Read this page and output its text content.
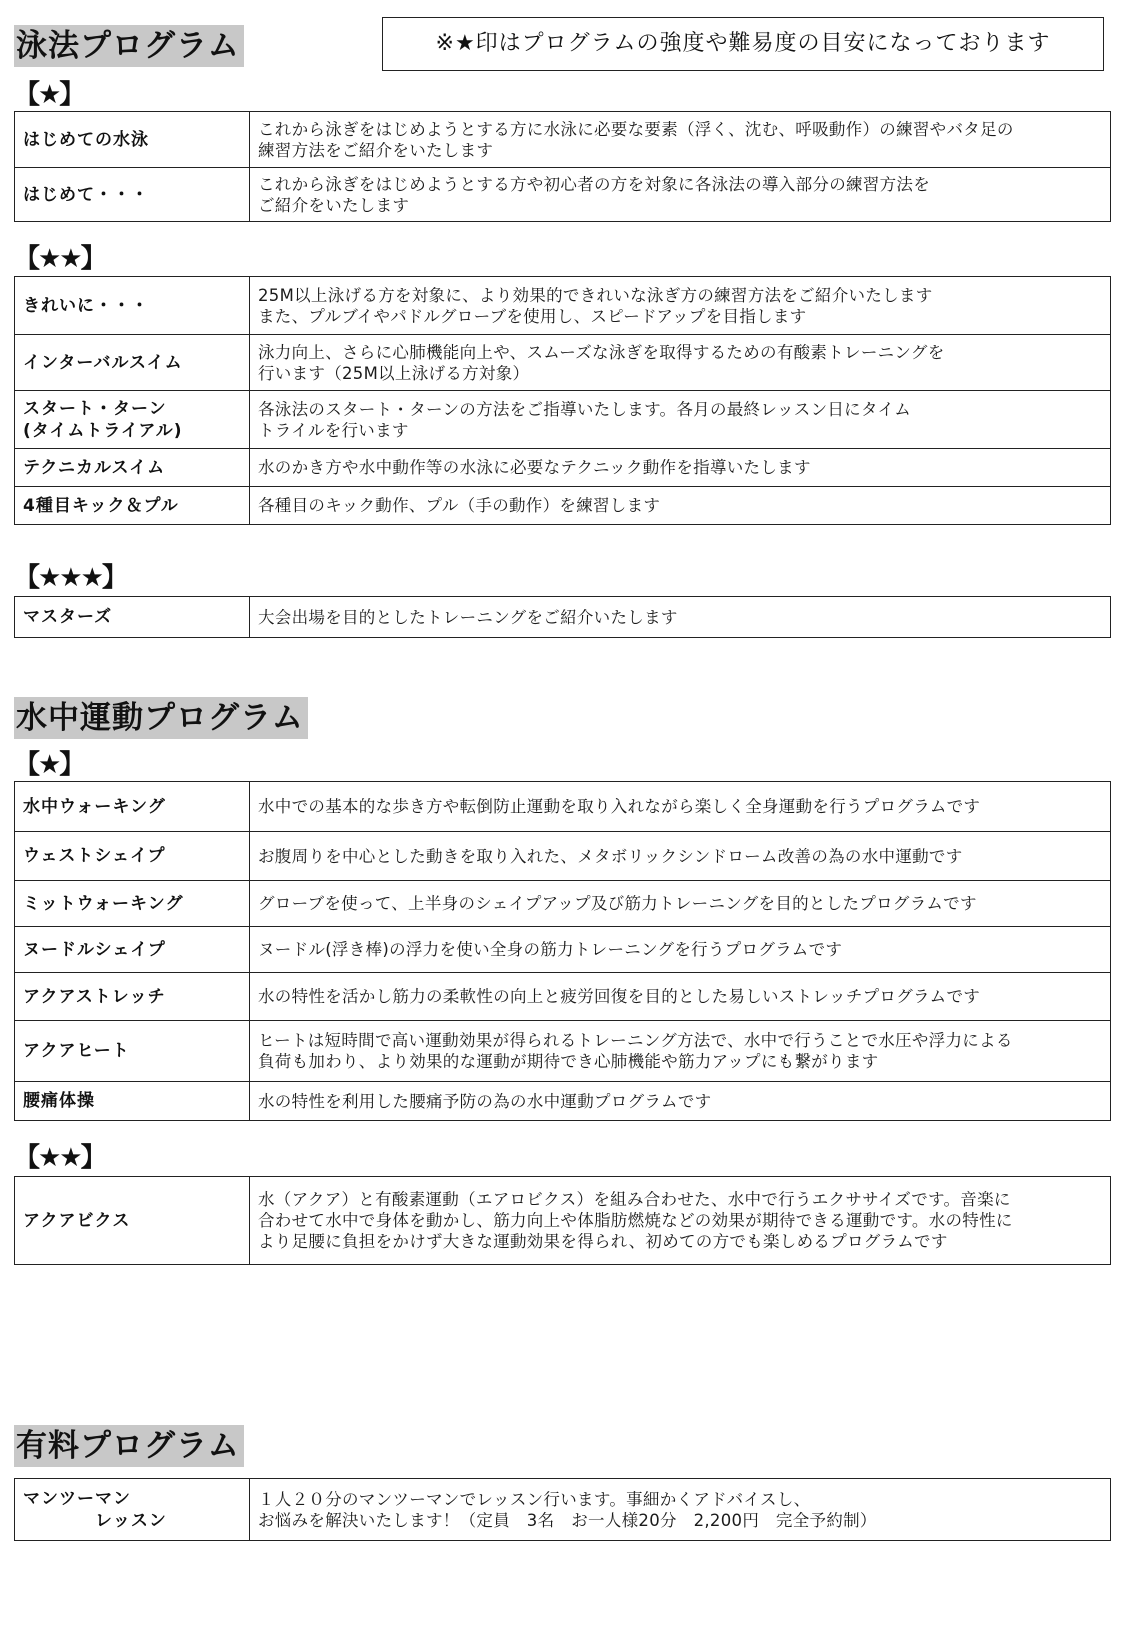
泳法プログラム	※★印はプログラムの強度や難易度の目安になっております
【★】
はじめての水泳	これから泳ぎをはじめようとする方に水泳に必要な要素（浮く、沈む、呼吸動作）の練習やバタ足の
練習方法をご紹介をいたします
はじめて・・・	これから泳ぎをはじめようとする方や初心者の方を対象に各泳法の導入部分の練習方法を
ご紹介をいたします
【★★】
きれいに・・・	25M以上泳げる方を対象に、より効果的できれいな泳ぎ方の練習方法をご紹介いたします
また、プルブイやパドルグローブを使用し、スピードアップを目指します
インターバルスイム	泳力向上、さらに心肺機能向上や、スムーズな泳ぎを取得するための有酸素トレーニングを
行います（25M以上泳げる方対象）
スタート・ターン
(タイムトライアル)	各泳法のスタート・ターンの方法をご指導いたします。各月の最終レッスン日にタイム
トライルを行います
テクニカルスイム	水のかき方や水中動作等の水泳に必要なテクニック動作を指導いたします
4種目キック＆プル	各種目のキック動作、プル（手の動作）を練習します
【★★★】
マスターズ	大会出場を目的としたトレーニングをご紹介いたします
水中運動プログラム
【★】
水中ウォーキング	水中での基本的な歩き方や転倒防止運動を取り入れながら楽しく全身運動を行うプログラムです
ウェストシェイプ	お腹周りを中心とした動きを取り入れた、メタボリックシンドローム改善の為の水中運動です
ミットウォーキング	グローブを使って、上半身のシェイプアップ及び筋力トレーニングを目的としたプログラムです
ヌードルシェイプ	ヌードル(浮き棒)の浮力を使い全身の筋力トレーニングを行うプログラムです
アクアストレッチ	水の特性を活かし筋力の柔軟性の向上と疲労回復を目的とした易しいストレッチプログラムです
アクアヒート	ヒートは短時間で高い運動効果が得られるトレーニング方法で、水中で行うことで水圧や浮力による
負荷も加わり、より効果的な運動が期待でき心肺機能や筋力アップにも繋がります
腰痛体操	水の特性を利用した腰痛予防の為の水中運動プログラムです
【★★】
アクアビクス	水（アクア）と有酸素運動（エアロビクス）を組み合わせた、水中で行うエクササイズです。音楽に
合わせて水中で身体を動かし、筋力向上や体脂肪燃焼などの効果が期待できる運動です。水の特性に
より足腰に負担をかけず大きな運動効果を得られ、初めての方でも楽しめるプログラムです
有料プログラム
マンツーマン
レッスン
	１人２０分のマンツーマンでレッスン行います。事細かくアドバイスし、
お悩みを解決いたします！（定員　3名　お一人様20分　2,200円　完全予約制）
